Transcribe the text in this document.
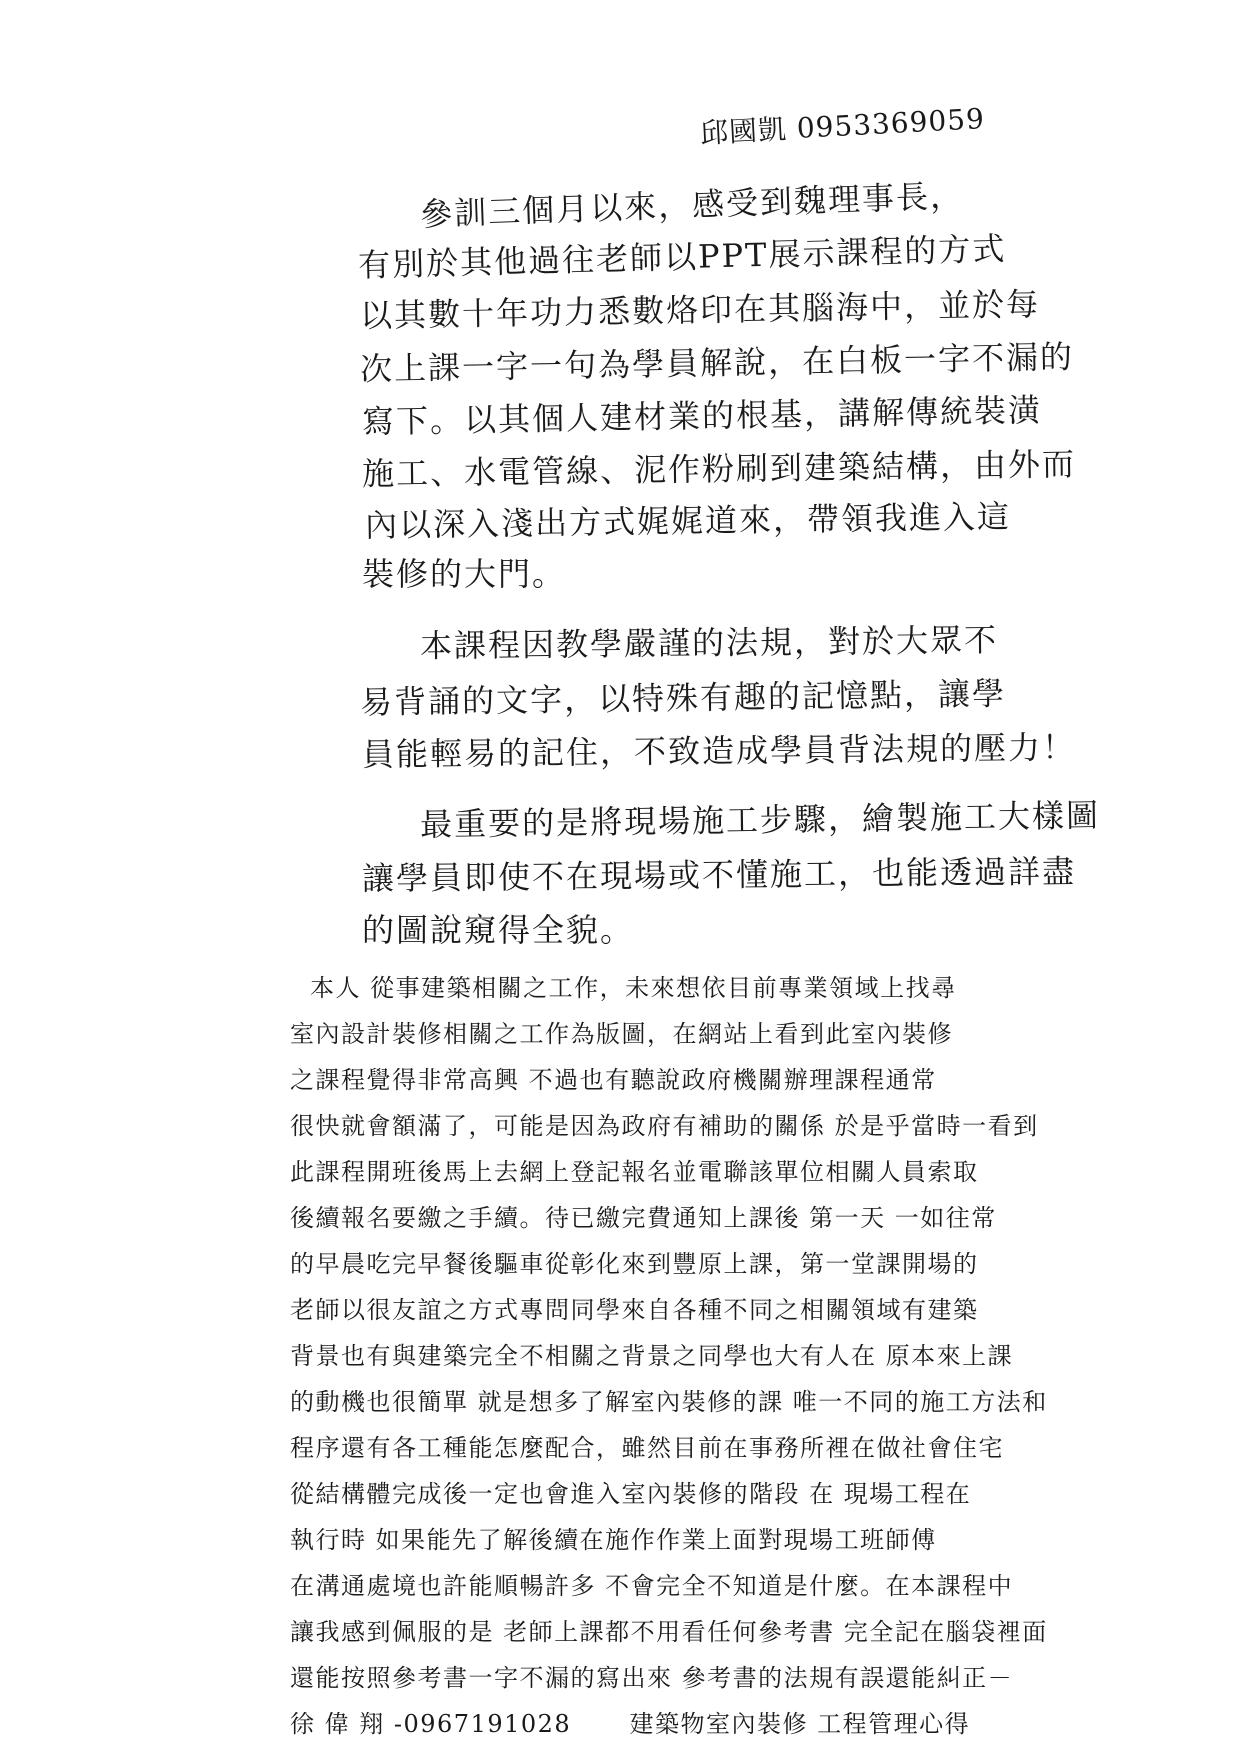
邱國凱 0953369059
參訓三個月以來，感受到魏理事長，
有別於其他過往老師以PPT展示課程的方式
以其數十年功力悉數烙印在其腦海中，並於每
次上課一字一句為學員解說，在白板一字不漏的
寫下。以其個人建材業的根基，講解傳統裝潢
施工、水電管線、泥作粉刷到建築結構，由外而
內以深入淺出方式娓娓道來，帶領我進入這
裝修的大門。
本課程因教學嚴謹的法規，對於大眾不
易背誦的文字，以特殊有趣的記憶點，讓學
員能輕易的記住，不致造成學員背法規的壓力！
最重要的是將現場施工步驟，繪製施工大樣圖
讓學員即使不在現場或不懂施工，也能透過詳盡
的圖說窺得全貌。
本人 從事建築相關之工作，未來想依目前專業領域上找尋
室內設計裝修相關之工作為版圖，在網站上看到此室內裝修
之課程覺得非常高興 不過也有聽說政府機關辦理課程通常
很快就會額滿了，可能是因為政府有補助的關係 於是乎當時一看到
此課程開班後馬上去網上登記報名並電聯該單位相關人員索取
後續報名要繳之手續。待已繳完費通知上課後 第一天 一如往常
的早晨吃完早餐後驅車從彰化來到豐原上課，第一堂課開場的
老師以很友誼之方式專問同學來自各種不同之相關領域有建築
背景也有與建築完全不相關之背景之同學也大有人在 原本來上課
的動機也很簡單 就是想多了解室內裝修的課 唯一不同的施工方法和
程序還有各工種能怎麼配合，雖然目前在事務所裡在做社會住宅
從結構體完成後一定也會進入室內裝修的階段 在 現場工程在
執行時 如果能先了解後續在施作作業上面對現場工班師傅
在溝通處境也許能順暢許多 不會完全不知道是什麼。在本課程中
讓我感到佩服的是 老師上課都不用看任何參考書 完全記在腦袋裡面
還能按照參考書一字不漏的寫出來 參考書的法規有誤還能糾正－
徐 偉 翔 -0967191028 建築物室內裝修 工程管理心得
